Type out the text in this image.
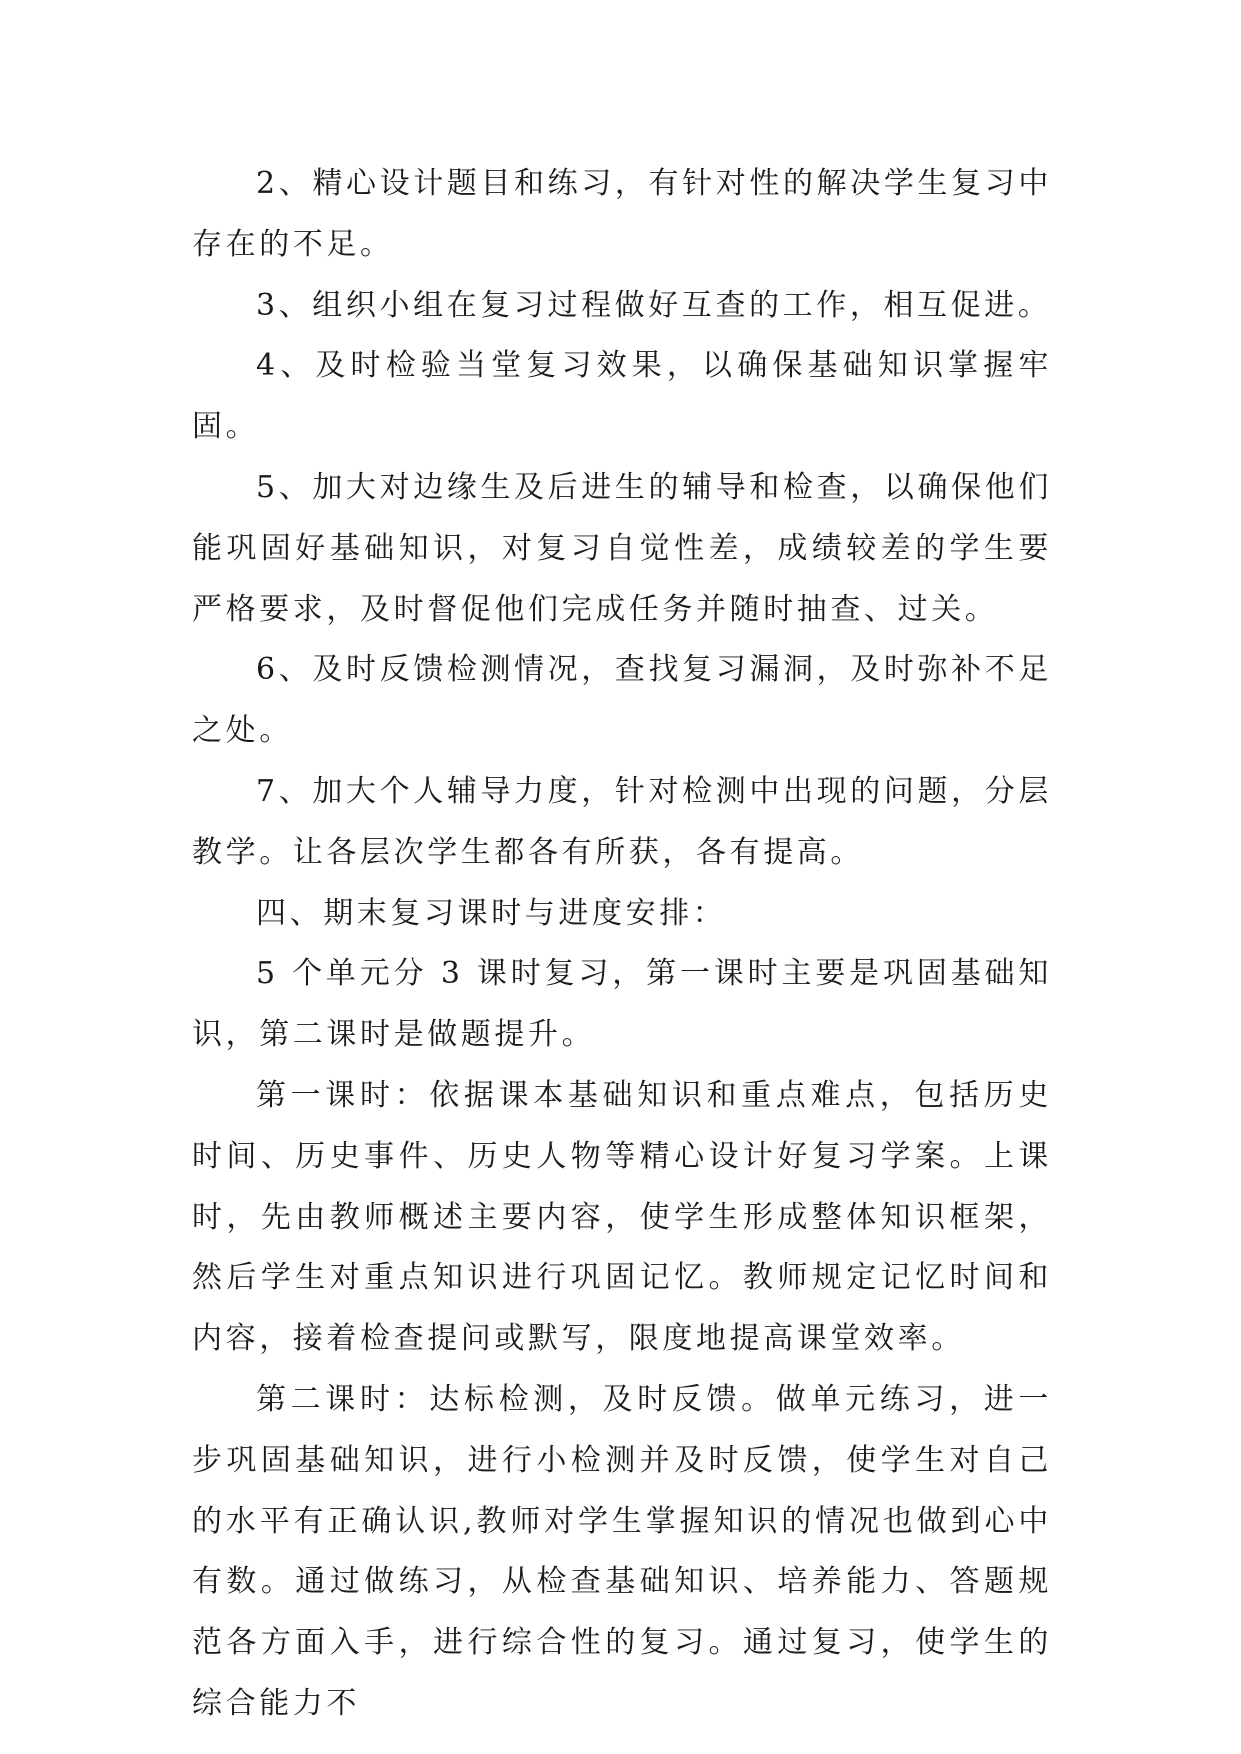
2、精心设计题目和练习，有针对性的解决学生复习中存在的不足。

3、组织小组在复习过程做好互查的工作，相互促进。

4、及时检验当堂复习效果，以确保基础知识掌握牢固。

5、加大对边缘生及后进生的辅导和检查，以确保他们能巩固好基础知识，对复习自觉性差，成绩较差的学生要严格要求，及时督促他们完成任务并随时抽查、过关。

6、及时反馈检测情况，查找复习漏洞，及时弥补不足之处。

7、加大个人辅导力度，针对检测中出现的问题，分层教学。让各层次学生都各有所获，各有提高。

四、期末复习课时与进度安排：

5 个单元分 3 课时复习，第一课时主要是巩固基础知识，第二课时是做题提升。

第一课时：依据课本基础知识和重点难点，包括历史时间、历史事件、历史人物等精心设计好复习学案。上课时，先由教师概述主要内容，使学生形成整体知识框架，然后学生对重点知识进行巩固记忆。教师规定记忆时间和内容，接着检查提问或默写，限度地提高课堂效率。

第二课时：达标检测，及时反馈。做单元练习，进一步巩固基础知识，进行小检测并及时反馈，使学生对自己的水平有正确认识,教师对学生掌握知识的情况也做到心中有数。通过做练习，从检查基础知识、培养能力、答题规范各方面入手，进行综合性的复习。通过复习，使学生的综合能力不
